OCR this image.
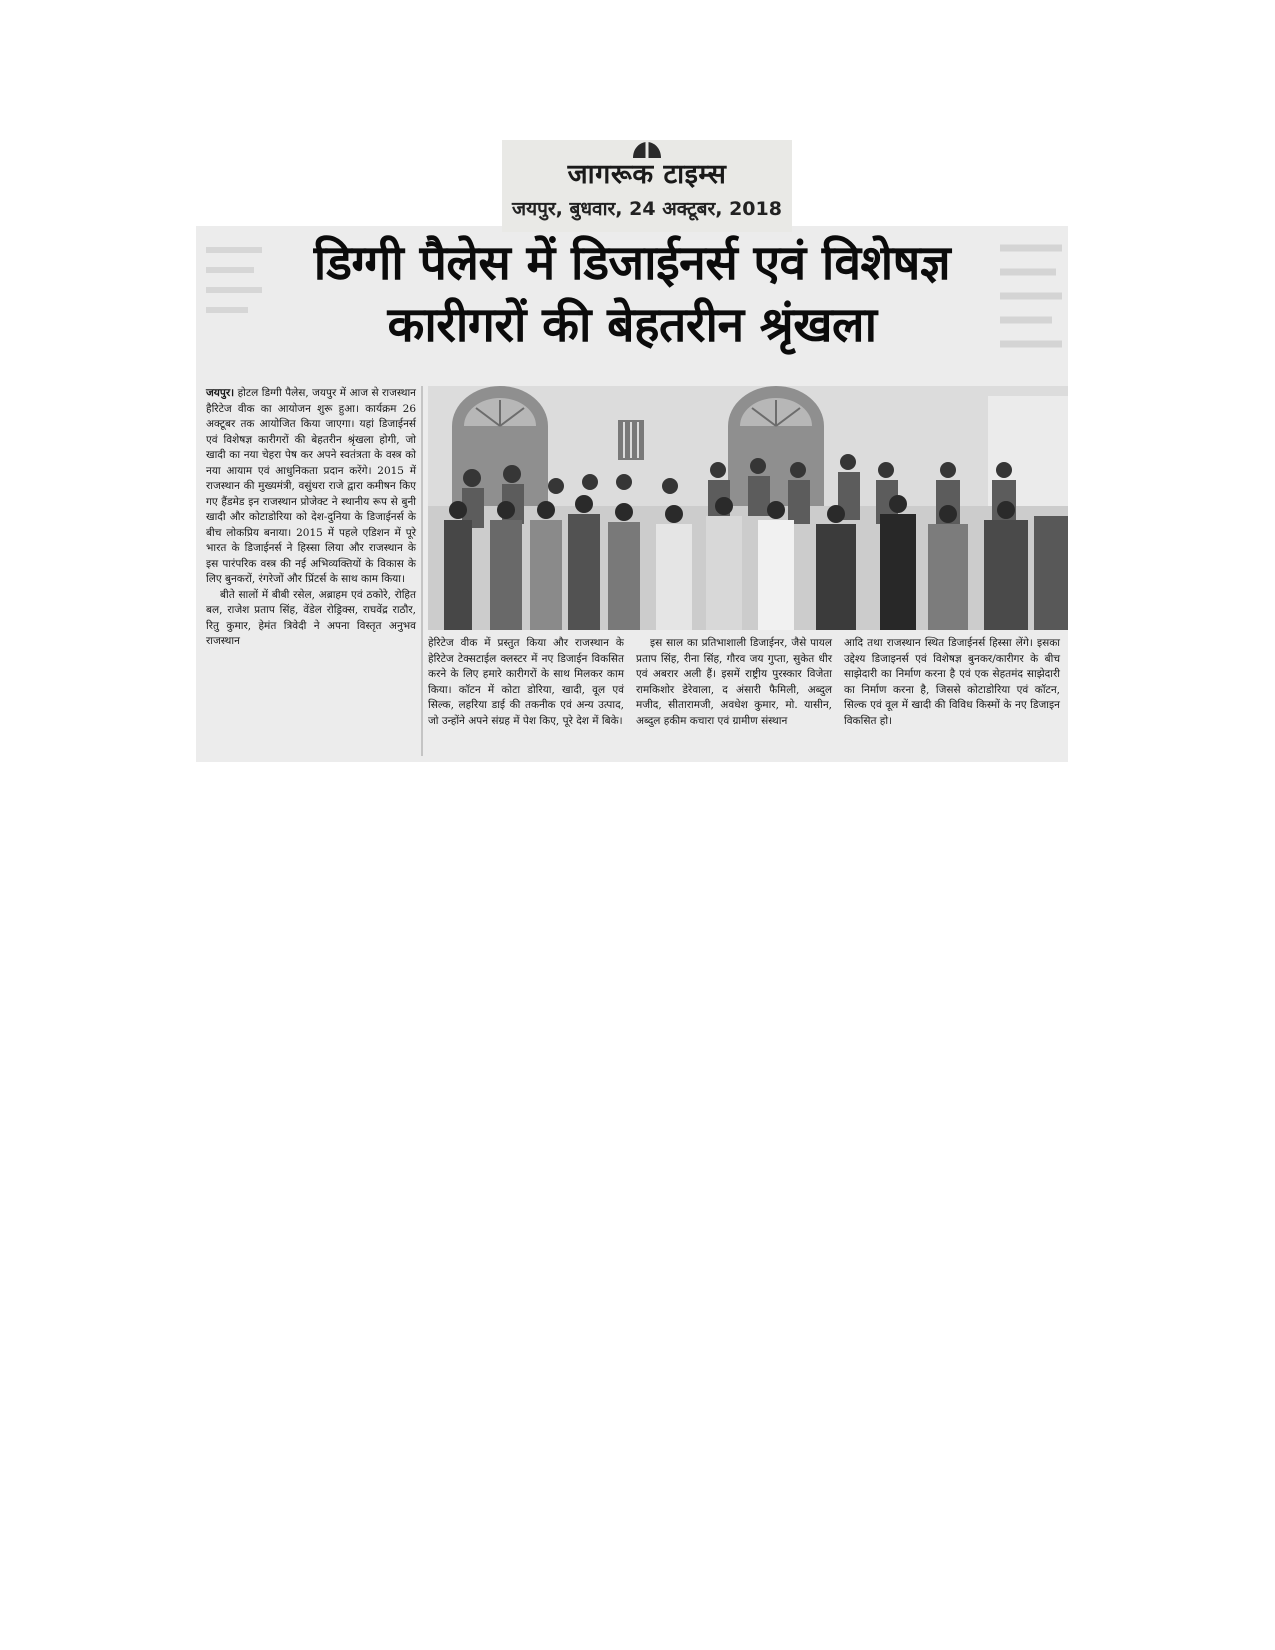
जागरूक टाइम्स
जयपुर, बुधवार, 24 अक्टूबर, 2018
डिग्गी पैलेस में डिजाईनर्स एवं विशेषज्ञ
कारीगरों की बेहतरीन श्रृंखला

जयपुर। होटल डिग्गी पैलेस, जयपुर में आज से राजस्थान हैरिटेज वीक का आयोजन शुरू हुआ। कार्यक्रम 26 अक्टूबर तक आयोजित किया जाएगा। यहां डिजाईनर्स एवं विशेषज्ञ कारीगरों की बेहतरीन श्रृंखला होगी, जो खादी का नया चेहरा पेष कर अपने स्वतंत्रता के वस्त्र को नया आयाम एवं आधुनिकता प्रदान करेंगे। 2015 में राजस्थान की मुख्यमंत्री, वसुंधरा राजे द्वारा कमीषन किए गए हैंडमेड इन राजस्थान प्रोजेक्ट ने स्थानीय रूप से बुनी खादी और कोटाडोरिया को देश-दुनिया के डिजाईनर्स के बीच लोकप्रिय बनाया। 2015 में पहले एडिशन में पूरे भारत के डिजाईनर्स ने हिस्सा लिया और राजस्थान के इस पारंपरिक वस्त्र की नई अभिव्यक्तियों के विकास के लिए बुनकरों, रंगरेजों और प्रिंटर्स के साथ काम किया।

बीते सालों में बीबी रसेल, अब्राहम एवं ठकोरे, रोहित बल, राजेश प्रताप सिंह, वेंडेल रोड्रिक्स, राघवेंद्र राठौर, रितु कुमार, हेमंत त्रिवेदी ने अपना विस्तृत अनुभव राजस्थान	हेरिटेज वीक में प्रस्तुत किया और राजस्थान के हेरिटेज टेक्सटाईल क्लस्टर में नए डिजाईन विकसित करने के लिए हमारे कारीगरों के साथ मिलकर काम किया। कॉटन में कोटा डोरिया, खादी, वूल एवं सिल्क, लहरिया डाई की तकनीक एवं अन्य उत्पाद, जो उन्होंने अपने संग्रह में पेश किए, पूरे देश में बिके।

इस साल का प्रतिभाशाली डिजाईनर, जैसे पायल प्रताप सिंह, रीना सिंह, गौरव जय गुप्ता, सुकेत धीर एवं अबरार अली हैं। इसमें राष्ट्रीय पुरस्कार विजेता रामकिशोर डेरेवाला, द अंसारी फैमिली, अब्दुल मजीद, सीतारामजी, अवधेश कुमार, मो. यासीन, अब्दुल हकीम कचारा एवं ग्रामीण संस्थान

आदि तथा राजस्थान स्थित डिजाईनर्स हिस्सा लेंगे। इसका उद्देश्य डिजाइनर्स एवं विशेषज्ञ बुनकर/कारीगर के बीच साझेदारी का निर्माण करना है एवं एक सेहतमंद साझेदारी का निर्माण करना है, जिससे कोटाडोरिया एवं कॉटन, सिल्क एवं वूल में खादी की विविध किस्मों के नए डिजाइन विकसित हो।
